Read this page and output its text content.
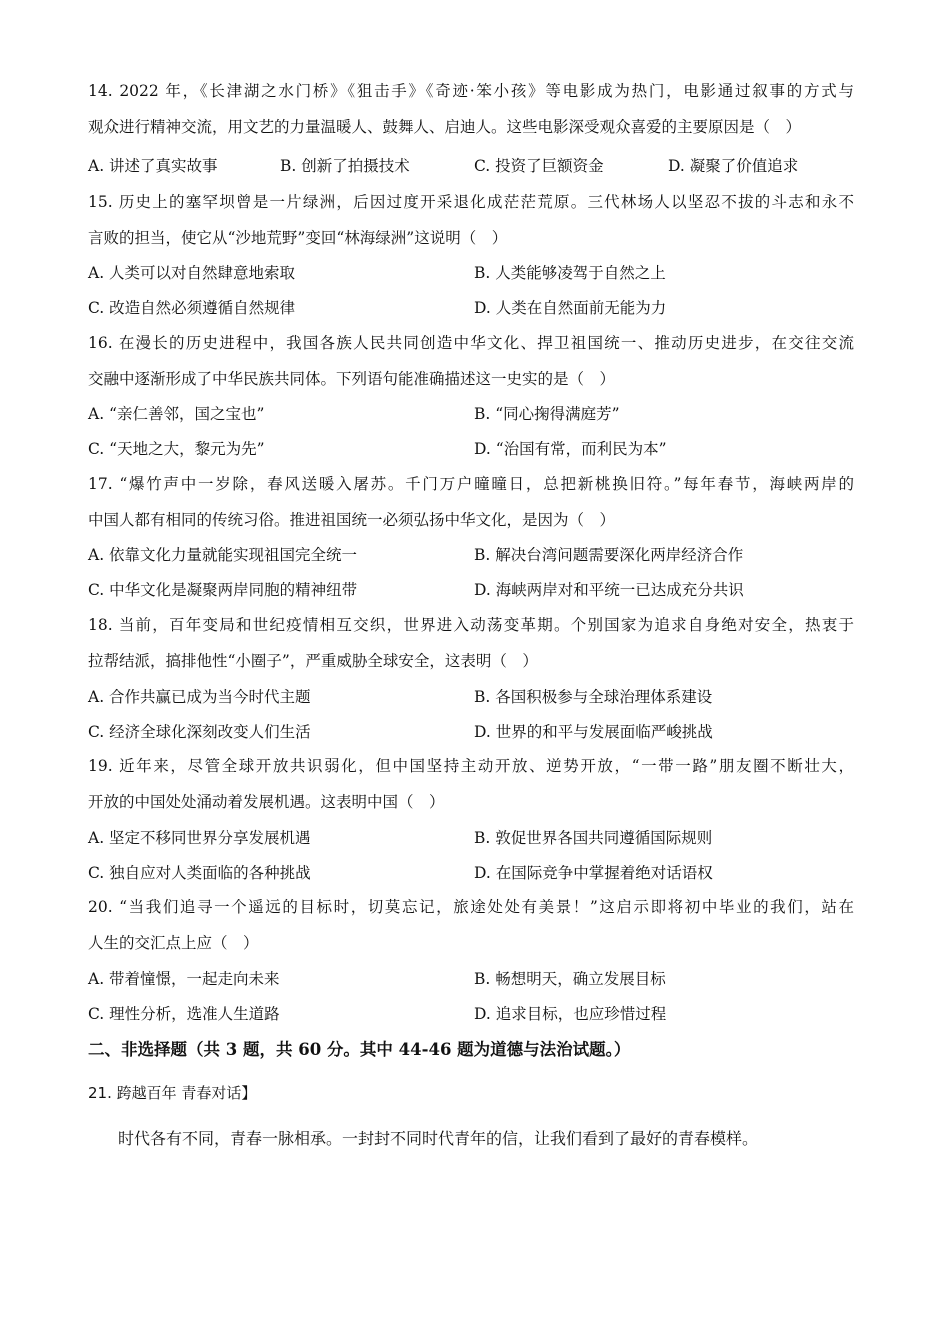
14. 2022 年，《长津湖之水门桥》《狙击手》《奇迹·笨小孩》等电影成为热门，电影通过叙事的方式与

观众进行精神交流，用文艺的力量温暖人、鼓舞人、启迪人。这些电影深受观众喜爱的主要原因是（　）

A. 讲述了真实故事	B. 创新了拍摄技术	C. 投资了巨额资金	D. 凝聚了价值追求

15. 历史上的塞罕坝曾是一片绿洲，后因过度开采退化成茫茫荒原。三代林场人以坚忍不拔的斗志和永不

言败的担当，使它从“沙地荒野”变回“林海绿洲”这说明（　）

A. 人类可以对自然肆意地索取	B. 人类能够凌驾于自然之上
C. 改造自然必须遵循自然规律	D. 人类在自然面前无能为力

16. 在漫长的历史进程中，我国各族人民共同创造中华文化、捍卫祖国统一、推动历史进步，在交往交流

交融中逐渐形成了中华民族共同体。下列语句能准确描述这一史实的是（　）

A. “亲仁善邻，国之宝也”	B. “同心掬得满庭芳”
C. “天地之大，黎元为先”	D. “治国有常，而利民为本”

17. “爆竹声中一岁除，春风送暖入屠苏。千门万户曈曈日，总把新桃换旧符。”每年春节，海峡两岸的

中国人都有相同的传统习俗。推进祖国统一必须弘扬中华文化，是因为（　）

A. 依靠文化力量就能实现祖国完全统一	B. 解决台湾问题需要深化两岸经济合作
C. 中华文化是凝聚两岸同胞的精神纽带	D. 海峡两岸对和平统一已达成充分共识

18. 当前，百年变局和世纪疫情相互交织，世界进入动荡变革期。个别国家为追求自身绝对安全，热衷于

拉帮结派，搞排他性“小圈子”，严重威胁全球安全，这表明（　）

A. 合作共赢已成为当今时代主题	B. 各国积极参与全球治理体系建设
C. 经济全球化深刻改变人们生活	D. 世界的和平与发展面临严峻挑战

19. 近年来，尽管全球开放共识弱化，但中国坚持主动开放、逆势开放，“一带一路”朋友圈不断壮大，

开放的中国处处涌动着发展机遇。这表明中国（　）

A. 坚定不移同世界分享发展机遇	B. 敦促世界各国共同遵循国际规则
C. 独自应对人类面临的各种挑战	D. 在国际竞争中掌握着绝对话语权

20. “当我们追寻一个遥远的目标时，切莫忘记，旅途处处有美景！”这启示即将初中毕业的我们，站在

人生的交汇点上应（　）

A. 带着憧憬，一起走向未来	B. 畅想明天，确立发展目标
C. 理性分析，选准人生道路	D. 追求目标，也应珍惜过程
二、非选择题（共 3 题，共 60 分。其中 44-46 题为道德与法治试题。）
21. 跨越百年 青春对话】
时代各有不同，青春一脉相承。一封封不同时代青年的信，让我们看到了最好的青春模样。
